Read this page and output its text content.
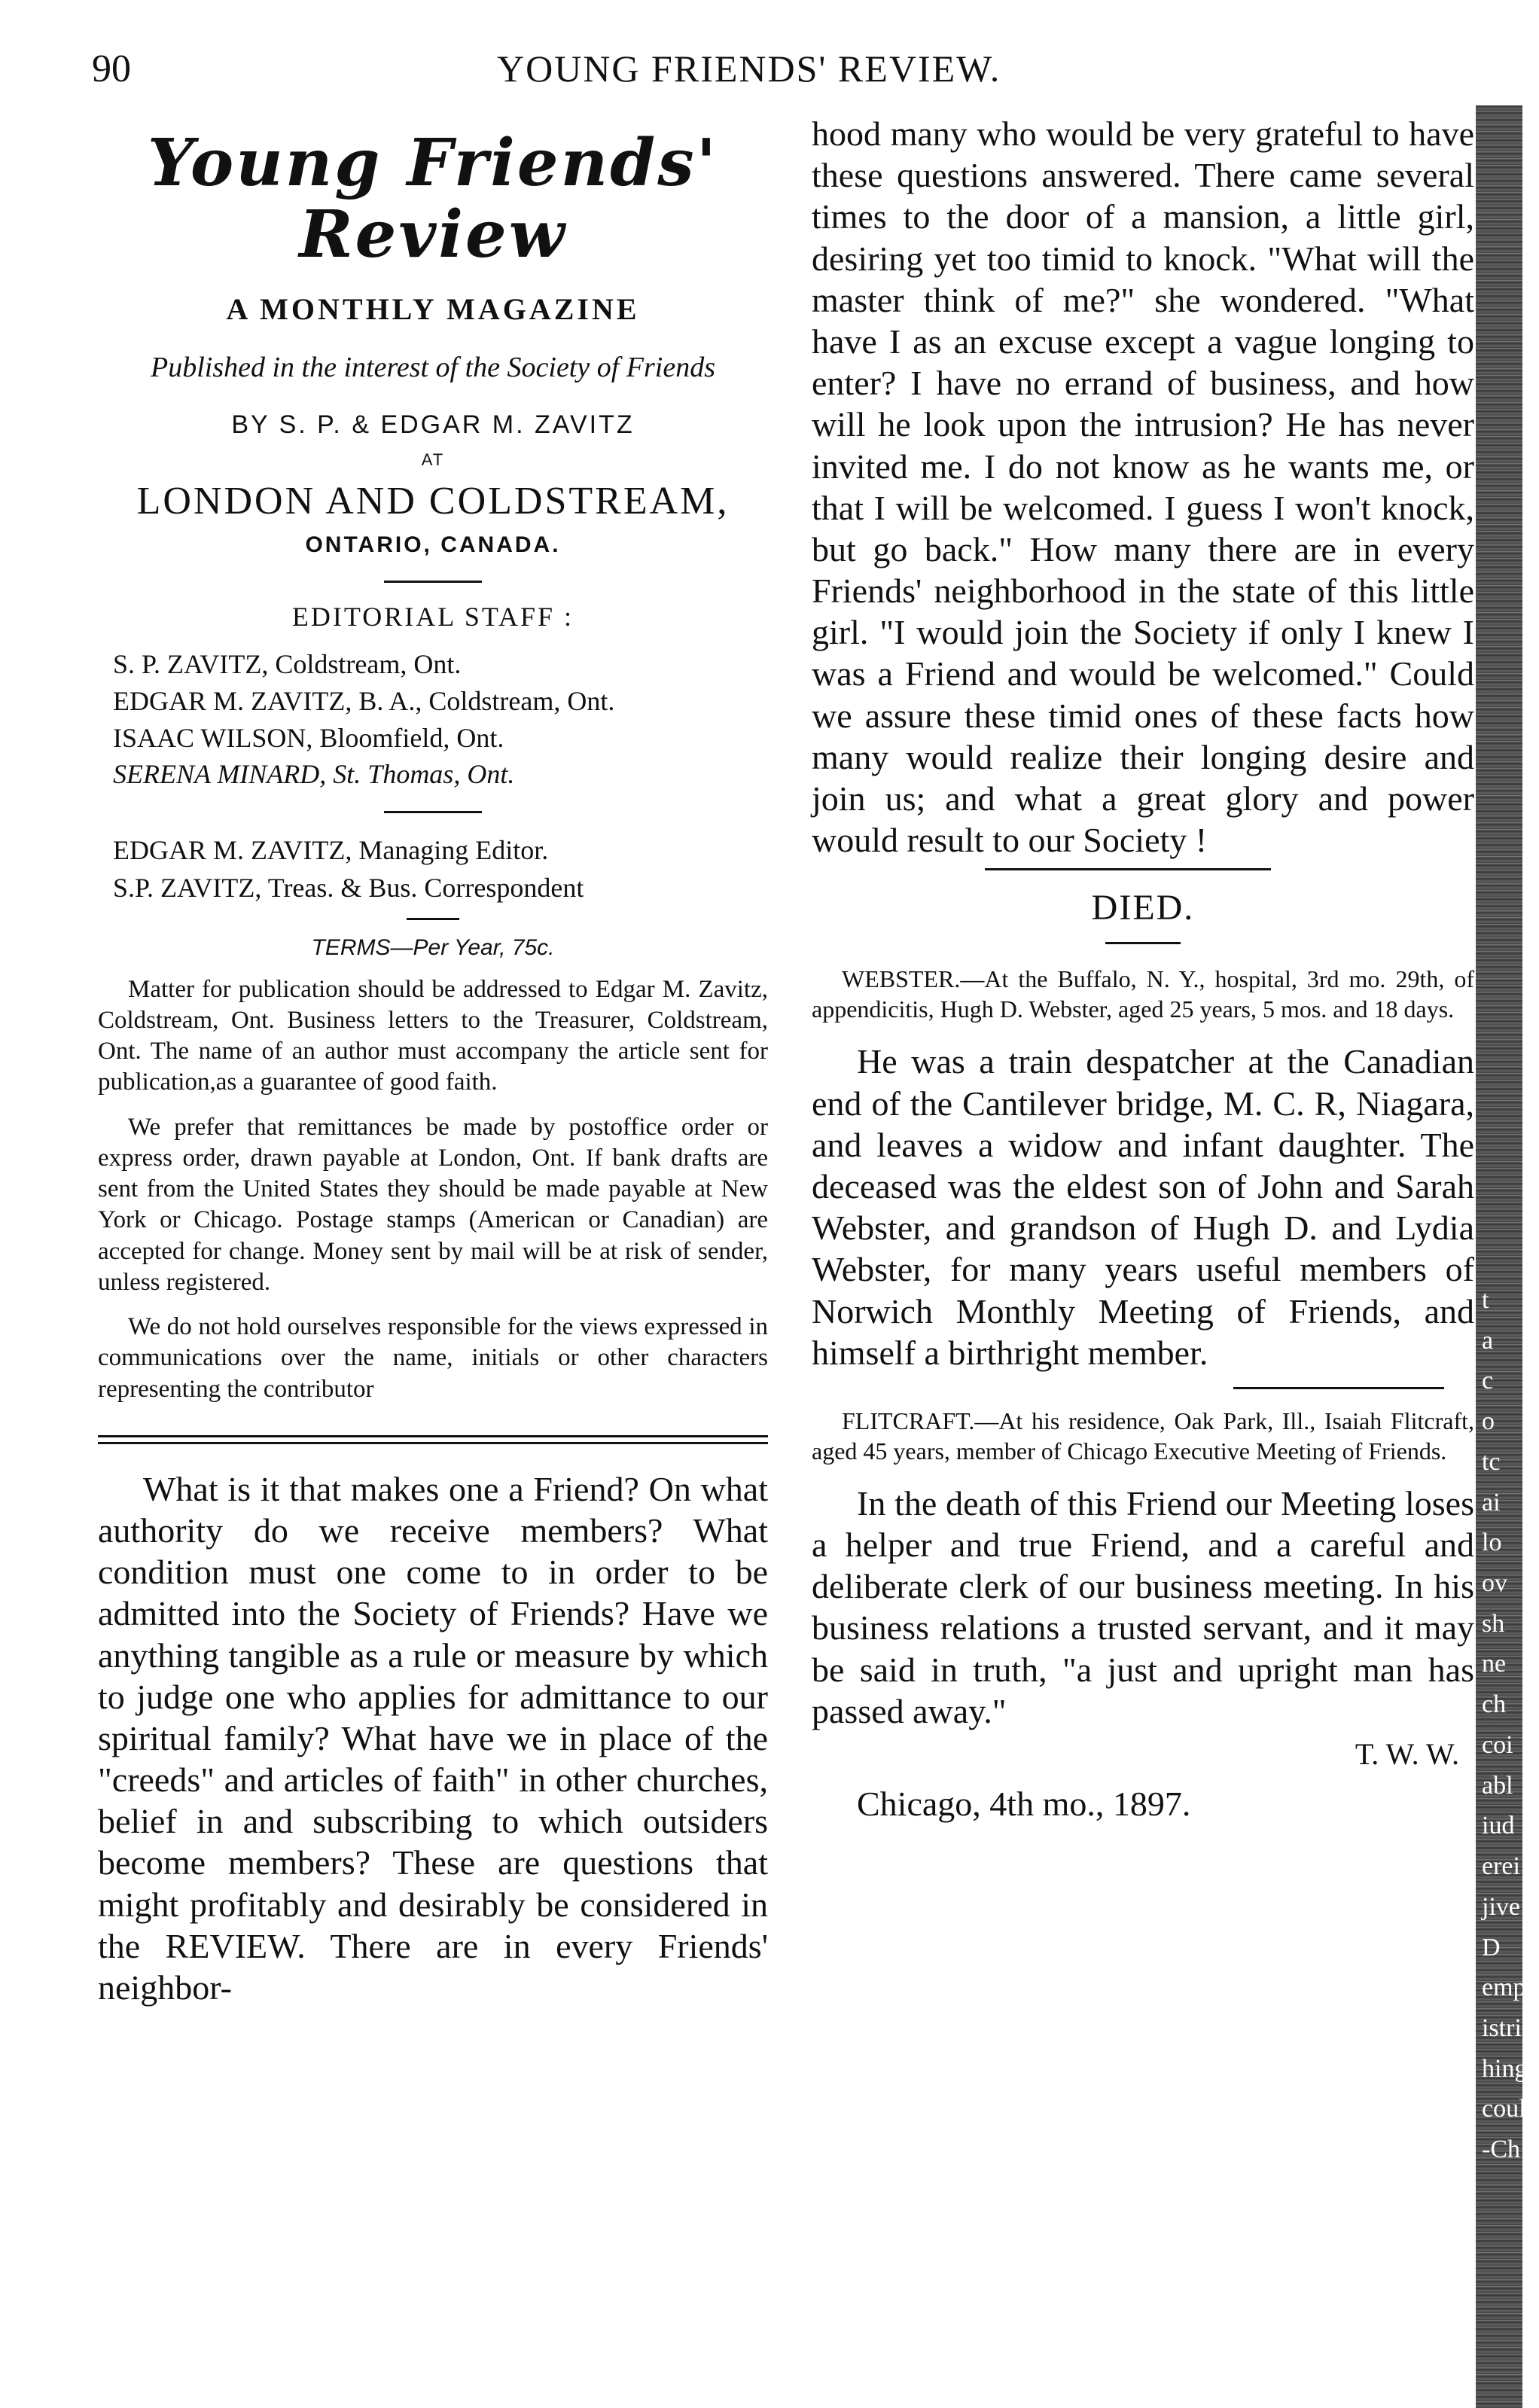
90	YOUNG FRIENDS' REVIEW.
Young Friends' Review
A MONTHLY MAGAZINE
Published in the interest of the Society of Friends
BY S. P. & EDGAR M. ZAVITZ
AT
LONDON AND COLDSTREAM,
ONTARIO, CANADA.
EDITORIAL STAFF :
S. P. ZAVITZ, Coldstream, Ont.
EDGAR M. ZAVITZ, B. A., Coldstream, Ont.
ISAAC WILSON, Bloomfield, Ont.
SERENA MINARD, St. Thomas, Ont.
EDGAR M. ZAVITZ, Managing Editor.
S.P. ZAVITZ, Treas. & Bus. Correspondent
TERMS—Per Year, 75c.

Matter for publication should be addressed to Edgar M. Zavitz, Coldstream, Ont. Business letters to the Treasurer, Coldstream, Ont. The name of an author must accompany the article sent for publication,as a guarantee of good faith.

We prefer that remittances be made by postoffice order or express order, drawn payable at London, Ont. If bank drafts are sent from the United States they should be made payable at New York or Chicago. Postage stamps (American or Canadian) are accepted for change. Money sent by mail will be at risk of sender, unless registered.

We do not hold ourselves responsible for the views expressed in communications over the name, initials or other characters representing the contributor

What is it that makes one a Friend? On what authority do we receive members? What condition must one come to in order to be admitted into the Society of Friends? Have we anything tangible as a rule or measure by which to judge one who applies for admittance to our spiritual family? What have we in place of the "creeds" and articles of faith" in other churches, belief in and subscribing to which outsiders become members? These are questions that might profitably and desirably be considered in the REVIEW. There are in every Friends' neighbor-

hood many who would be very grateful to have these questions answered. There came several times to the door of a mansion, a little girl, desiring yet too timid to knock. "What will the master think of me?" she wondered. "What have I as an excuse except a vague longing to enter? I have no errand of business, and how will he look upon the intrusion? He has never invited me. I do not know as he wants me, or that I will be welcomed. I guess I won't knock, but go back." How many there are in every Friends' neighborhood in the state of this little girl. "I would join the Society if only I knew I was a Friend and would be welcomed." Could we assure these timid ones of these facts how many would realize their longing desire and join us; and what a great glory and power would result to our Society !

DIED.

WEBSTER.—At the Buffalo, N. Y., hospital, 3rd mo. 29th, of appendicitis, Hugh D. Webster, aged 25 years, 5 mos. and 18 days.

He was a train despatcher at the Canadian end of the Cantilever bridge, M. C. R, Niagara, and leaves a widow and infant daughter. The deceased was the eldest son of John and Sarah Webster, and grandson of Hugh D. and Lydia Webster, for many years useful members of Norwich Monthly Meeting of Friends, and himself a birthright member.

FLITCRAFT.—At his residence, Oak Park, Ill., Isaiah Flitcraft, aged 45 years, member of Chicago Executive Meeting of Friends.

In the death of this Friend our Meeting loses a helper and true Friend, and a careful and deliberate clerk of our business meeting. In his business relations a trusted servant, and it may be said in truth, "a just and upright man has passed away."

T. W. W.
Chicago, 4th mo., 1897.
t
a
c
o
tc
ai
lo
ov
sh
ne
ch
coi
abl
iud
erei
jive
D
emp
istri
hing
could
-Ch
